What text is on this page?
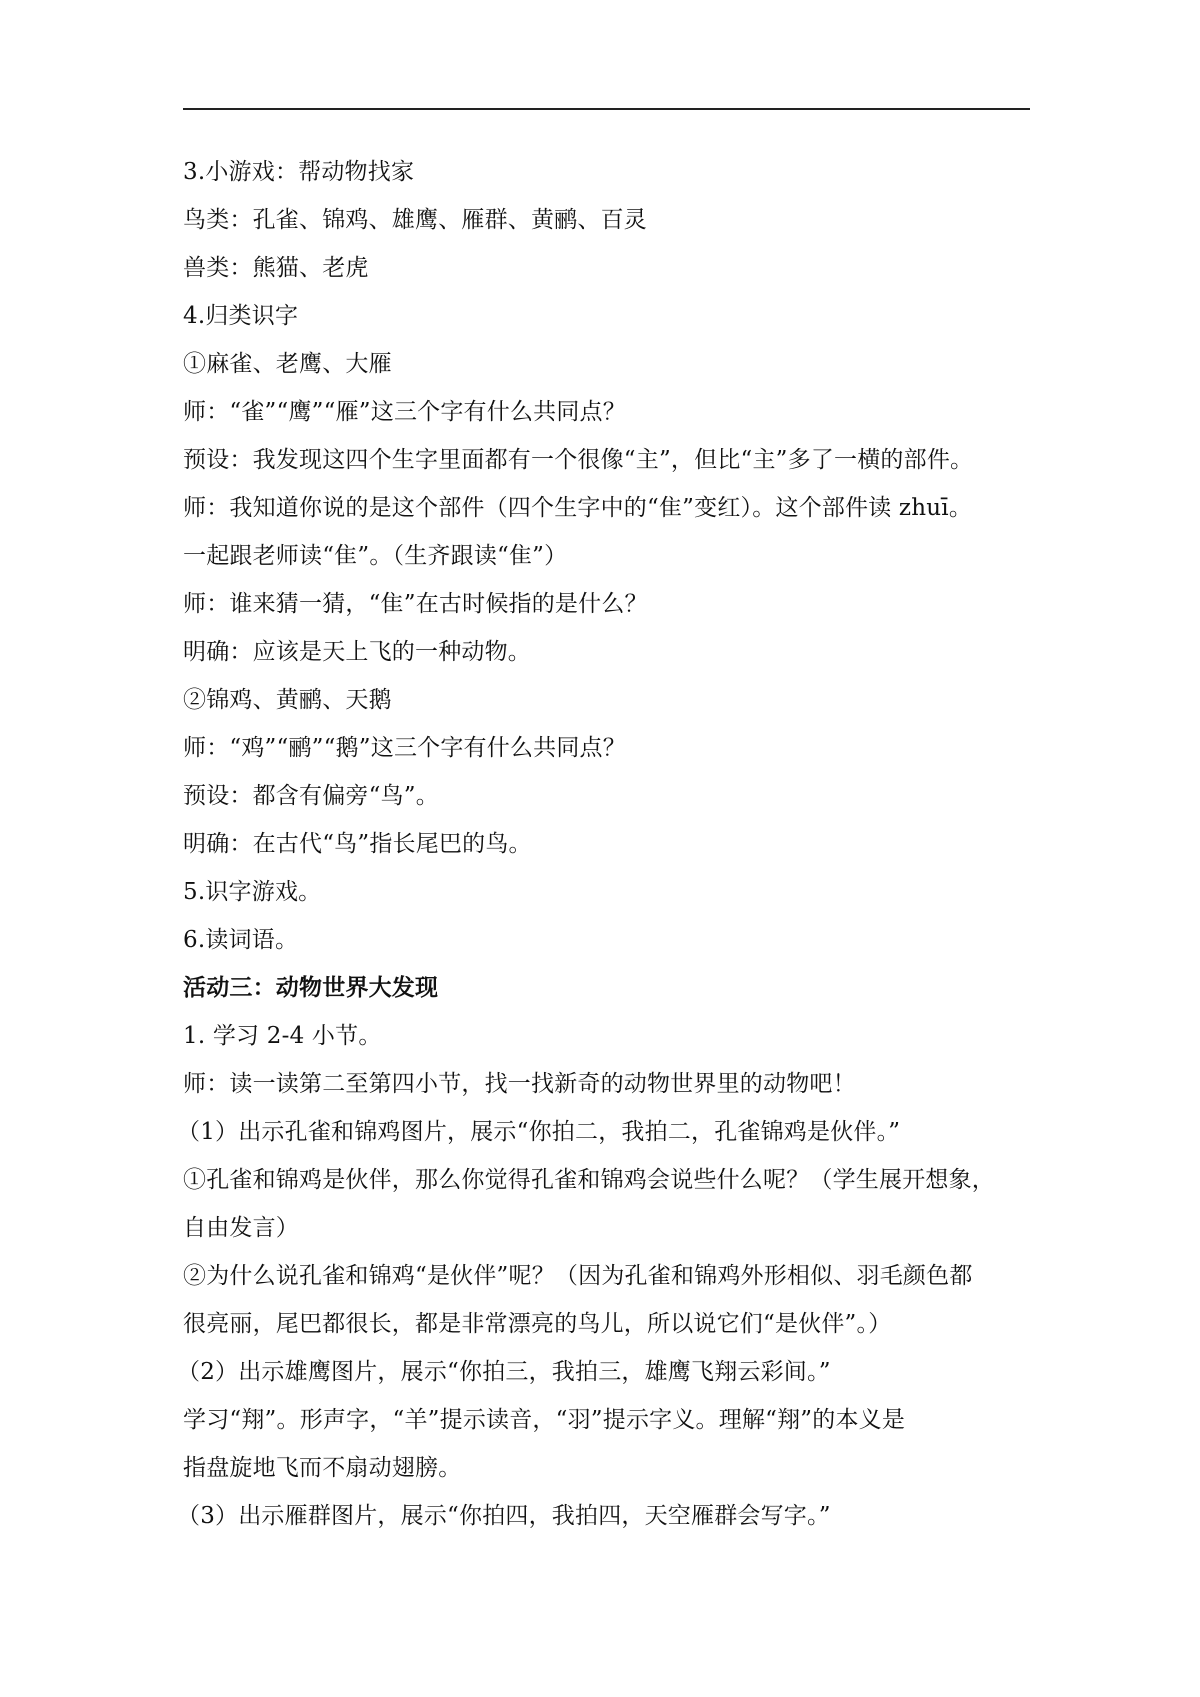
3.小游戏：帮动物找家

鸟类：孔雀、锦鸡、雄鹰、雁群、黄鹂、百灵

兽类：熊猫、老虎

4.归类识字

①麻雀、老鹰、大雁

师：“雀”“鹰”“雁”这三个字有什么共同点？

预设：我发现这四个生字里面都有一个很像“主”，但比“主”多了一横的部件。

师：我知道你说的是这个部件（四个生字中的“隹”变红）。这个部件读 zhuī。

一起跟老师读“隹”。（生齐跟读“隹”）

师：谁来猜一猜，“隹”在古时候指的是什么？

明确：应该是天上飞的一种动物。

②锦鸡、黄鹂、天鹅

师：“鸡”“鹂”“鹅”这三个字有什么共同点？

预设：都含有偏旁“鸟”。

明确：在古代“鸟”指长尾巴的鸟。

5.识字游戏。

6.读词语。

活动三：动物世界大发现

1. 学习 2-4 小节。

师：读一读第二至第四小节，找一找新奇的动物世界里的动物吧！

（1）出示孔雀和锦鸡图片，展示“你拍二，我拍二，孔雀锦鸡是伙伴。”

①孔雀和锦鸡是伙伴，那么你觉得孔雀和锦鸡会说些什么呢？（学生展开想象，

自由发言）

②为什么说孔雀和锦鸡“是伙伴”呢？（因为孔雀和锦鸡外形相似、羽毛颜色都

很亮丽，尾巴都很长，都是非常漂亮的鸟儿，所以说它们“是伙伴”。）

（2）出示雄鹰图片，展示“你拍三，我拍三，雄鹰飞翔云彩间。”

学习“翔”。形声字，“羊”提示读音，“羽”提示字义。理解“翔”的本义是

指盘旋地飞而不扇动翅膀。

（3）出示雁群图片，展示“你拍四，我拍四，天空雁群会写字。”
